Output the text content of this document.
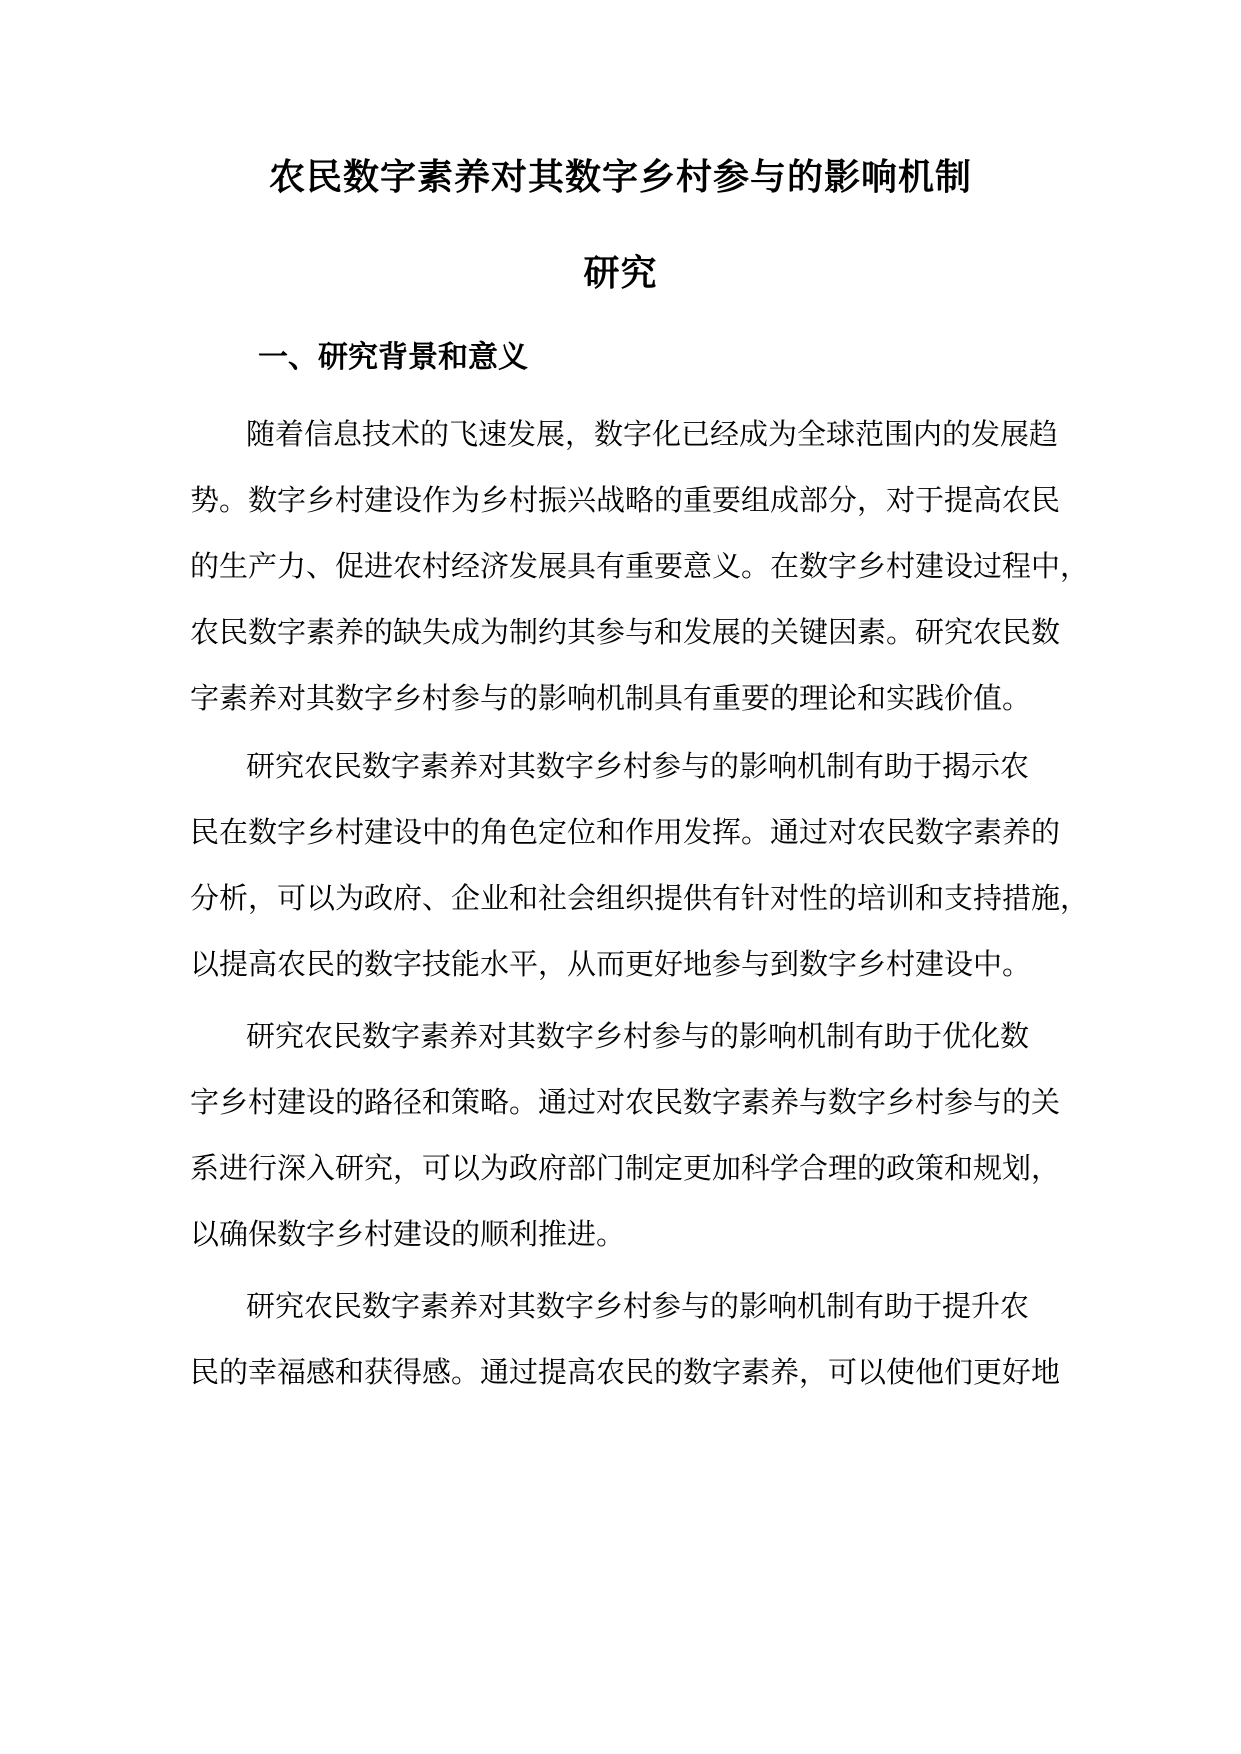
农民数字素养对其数字乡村参与的影响机制
研究
一、研究背景和意义
随着信息技术的飞速发展，数字化已经成为全球范围内的发展趋
势。数字乡村建设作为乡村振兴战略的重要组成部分，对于提高农民
的生产力、促进农村经济发展具有重要意义。在数字乡村建设过程中，
农民数字素养的缺失成为制约其参与和发展的关键因素。研究农民数
字素养对其数字乡村参与的影响机制具有重要的理论和实践价值。
研究农民数字素养对其数字乡村参与的影响机制有助于揭示农
民在数字乡村建设中的角色定位和作用发挥。通过对农民数字素养的
分析，可以为政府、企业和社会组织提供有针对性的培训和支持措施，
以提高农民的数字技能水平，从而更好地参与到数字乡村建设中。
研究农民数字素养对其数字乡村参与的影响机制有助于优化数
字乡村建设的路径和策略。通过对农民数字素养与数字乡村参与的关
系进行深入研究，可以为政府部门制定更加科学合理的政策和规划，
以确保数字乡村建设的顺利推进。
研究农民数字素养对其数字乡村参与的影响机制有助于提升农
民的幸福感和获得感。通过提高农民的数字素养，可以使他们更好地
